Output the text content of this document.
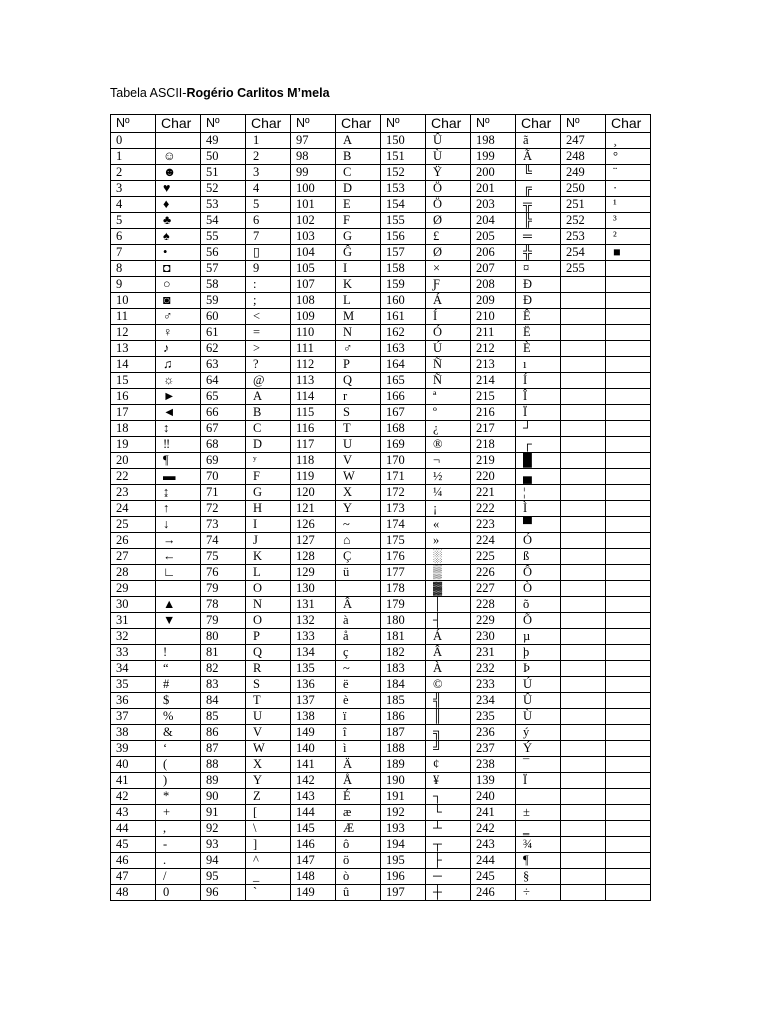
Tabela ASCII-Rogério Carlitos M’mela
Nº	Char	Nº	Char	Nº	Char	Nº	Char	Nº	Char	Nº	Char
0		49	1	97	A	150	Û	198	ã	247	¸
1	☺	50	2	98	B	151	Ù	199	Ã	248	°
2	☻	51	3	99	C	152	Ÿ	200	╚	249	¨
3	♥	52	4	100	D	153	Ö	201	╔	250	·
4	♦	53	5	101	E	154	Ö	203	╦	251	¹
5	♣	54	6	102	F	155	Ø	204	╠	252	³
6	♠	55	7	103	G	156	£	205	═	253	²
7	•	56	▯	104	Ĝ	157	Ø	206	╬	254	■
8	◘	57	9	105	I	158	×	207	¤	255	
9	○	58	:	107	K	159	Ƒ	208	Ð		
10	◙	59	;	108	L	160	Á	209	Ð		
11	♂	60	<	109	M	161	Í	210	Ê		
12	♀	61	=	110	N	162	Ó	211	Ë		
13	♪	62	>	111	♂	163	Ú	212	È		
14	♫	63	?	112	P	164	Ñ	213	ı		
15	☼	64	@	113	Q	165	Ñ	214	Í		
16	►	65	A	114	r	166	ª	215	Î		
17	◄	66	B	115	S	167	º	216	Ï		
18	↕	67	C	116	T	168	¿	217	┘		
19	‼	68	D	117	U	169	®	218	┌		
20	¶	69	ʸ	118	V	170	¬	219	█		
22	▬	70	F	119	W	171	½	220	▄		
23	↨	71	G	120	X	172	¼	221	¦		
24	↑	72	H	121	Y	173	¡	222	Ì		
25	↓	73	I	126	~	174	«	223	▀		
26	→	74	J	127	⌂	175	»	224	Ó		
27	←	75	K	128	Ç	176	░	225	ß		
28	∟	76	L	129	ü	177	▒	226	Ô		
29		79	O	130		178	▓	227	Ò		
30	▲	78	N	131	Â	179	│	228	õ		
31	▼	79	O	132	à	180	┤	229	Õ		
32		80	P	133	å	181	Á	230	µ		
33	!	81	Q	134	ç	182	Â	231	þ		
34	“	82	R	135	~	183	À	232	Þ		
35	#	83	S	136	ë	184	©	233	Ú		
36	$	84	T	137	è	185	╣	234	Û		
37	%	85	U	138	ï	186	║	235	Ù		
38	&	86	V	149	î	187	╗	236	ý		
39	‘	87	W	140	ì	188	╝	237	Ý		
40	(	88	X	141	Ä	189	¢	238	¯		
41	)	89	Y	142	Å	190	¥	139	Ï		
42	*	90	Z	143	É	191	┐	240			
43	+	91	[	144	æ	192	└	241	±		
44	,	92	\	145	Æ	193	┴	242	‗		
45	-	93	]	146	ô	194	┬	243	¾		
46	.	94	^	147	ö	195	├	244	¶		
47	/	95	_	148	ò	196	─	245	§		
48	0	96	`	149	û	197	┼	246	÷		
